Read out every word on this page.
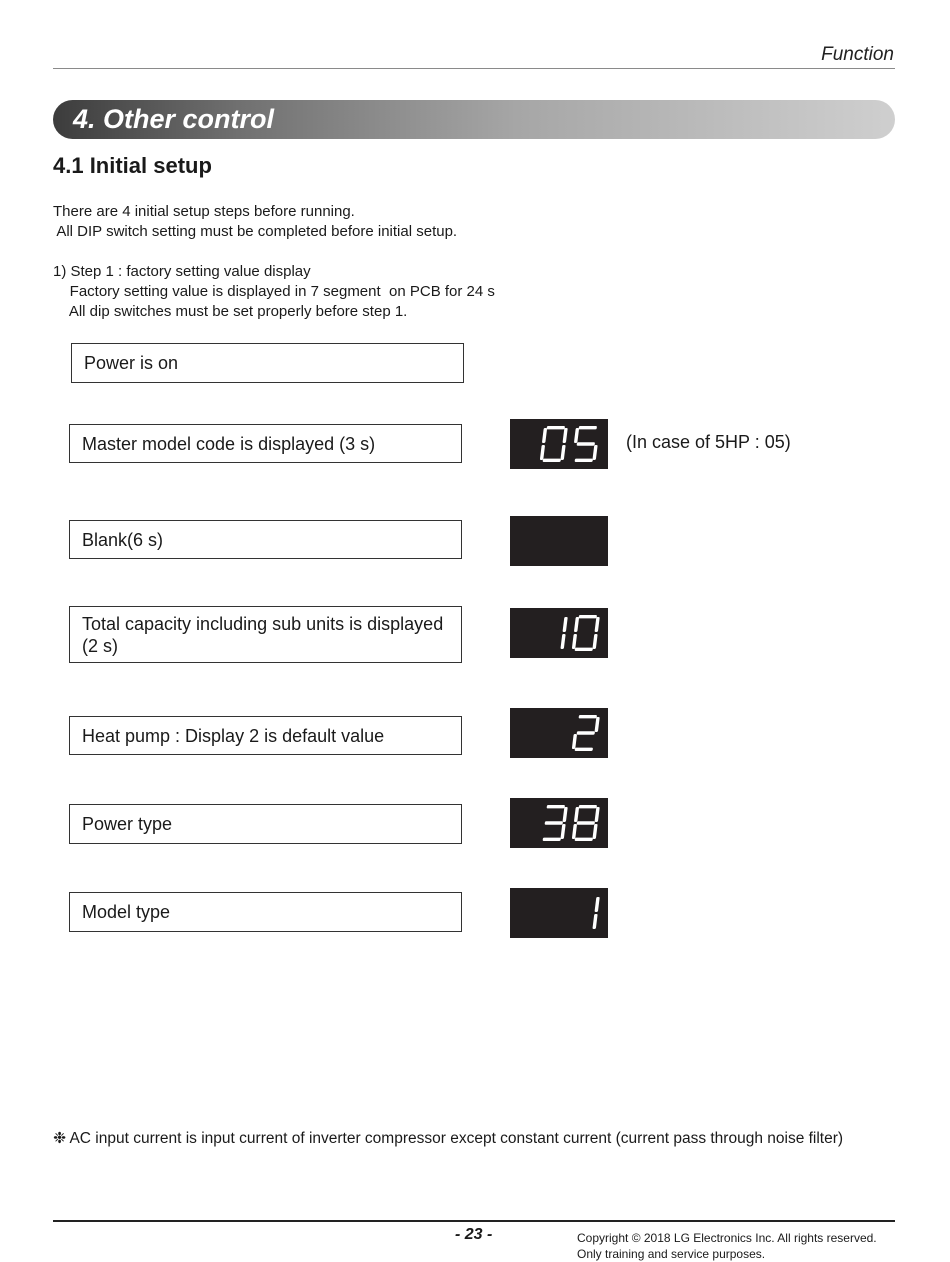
Function
4. Other control
4.1 Initial setup
There are 4 initial setup steps before running.
All DIP switch setting must be completed before initial setup.
1) Step 1 : factory setting value display
Factory setting value is displayed in 7 segment  on PCB for 24 s
All dip switches must be set properly before step 1.
Power is on
Master model code is displayed (3 s)	(In case of 5HP : 05)
Blank(6 s)
Total capacity including sub units is displayed (2 s)
Heat pump : Display 2 is default value
Power type
Model type
❉ AC input current is input current of inverter compressor except constant current (current pass through noise filter)
- 23 -	Copyright © 2018 LG Electronics Inc. All rights reserved.
Only training and service purposes.
